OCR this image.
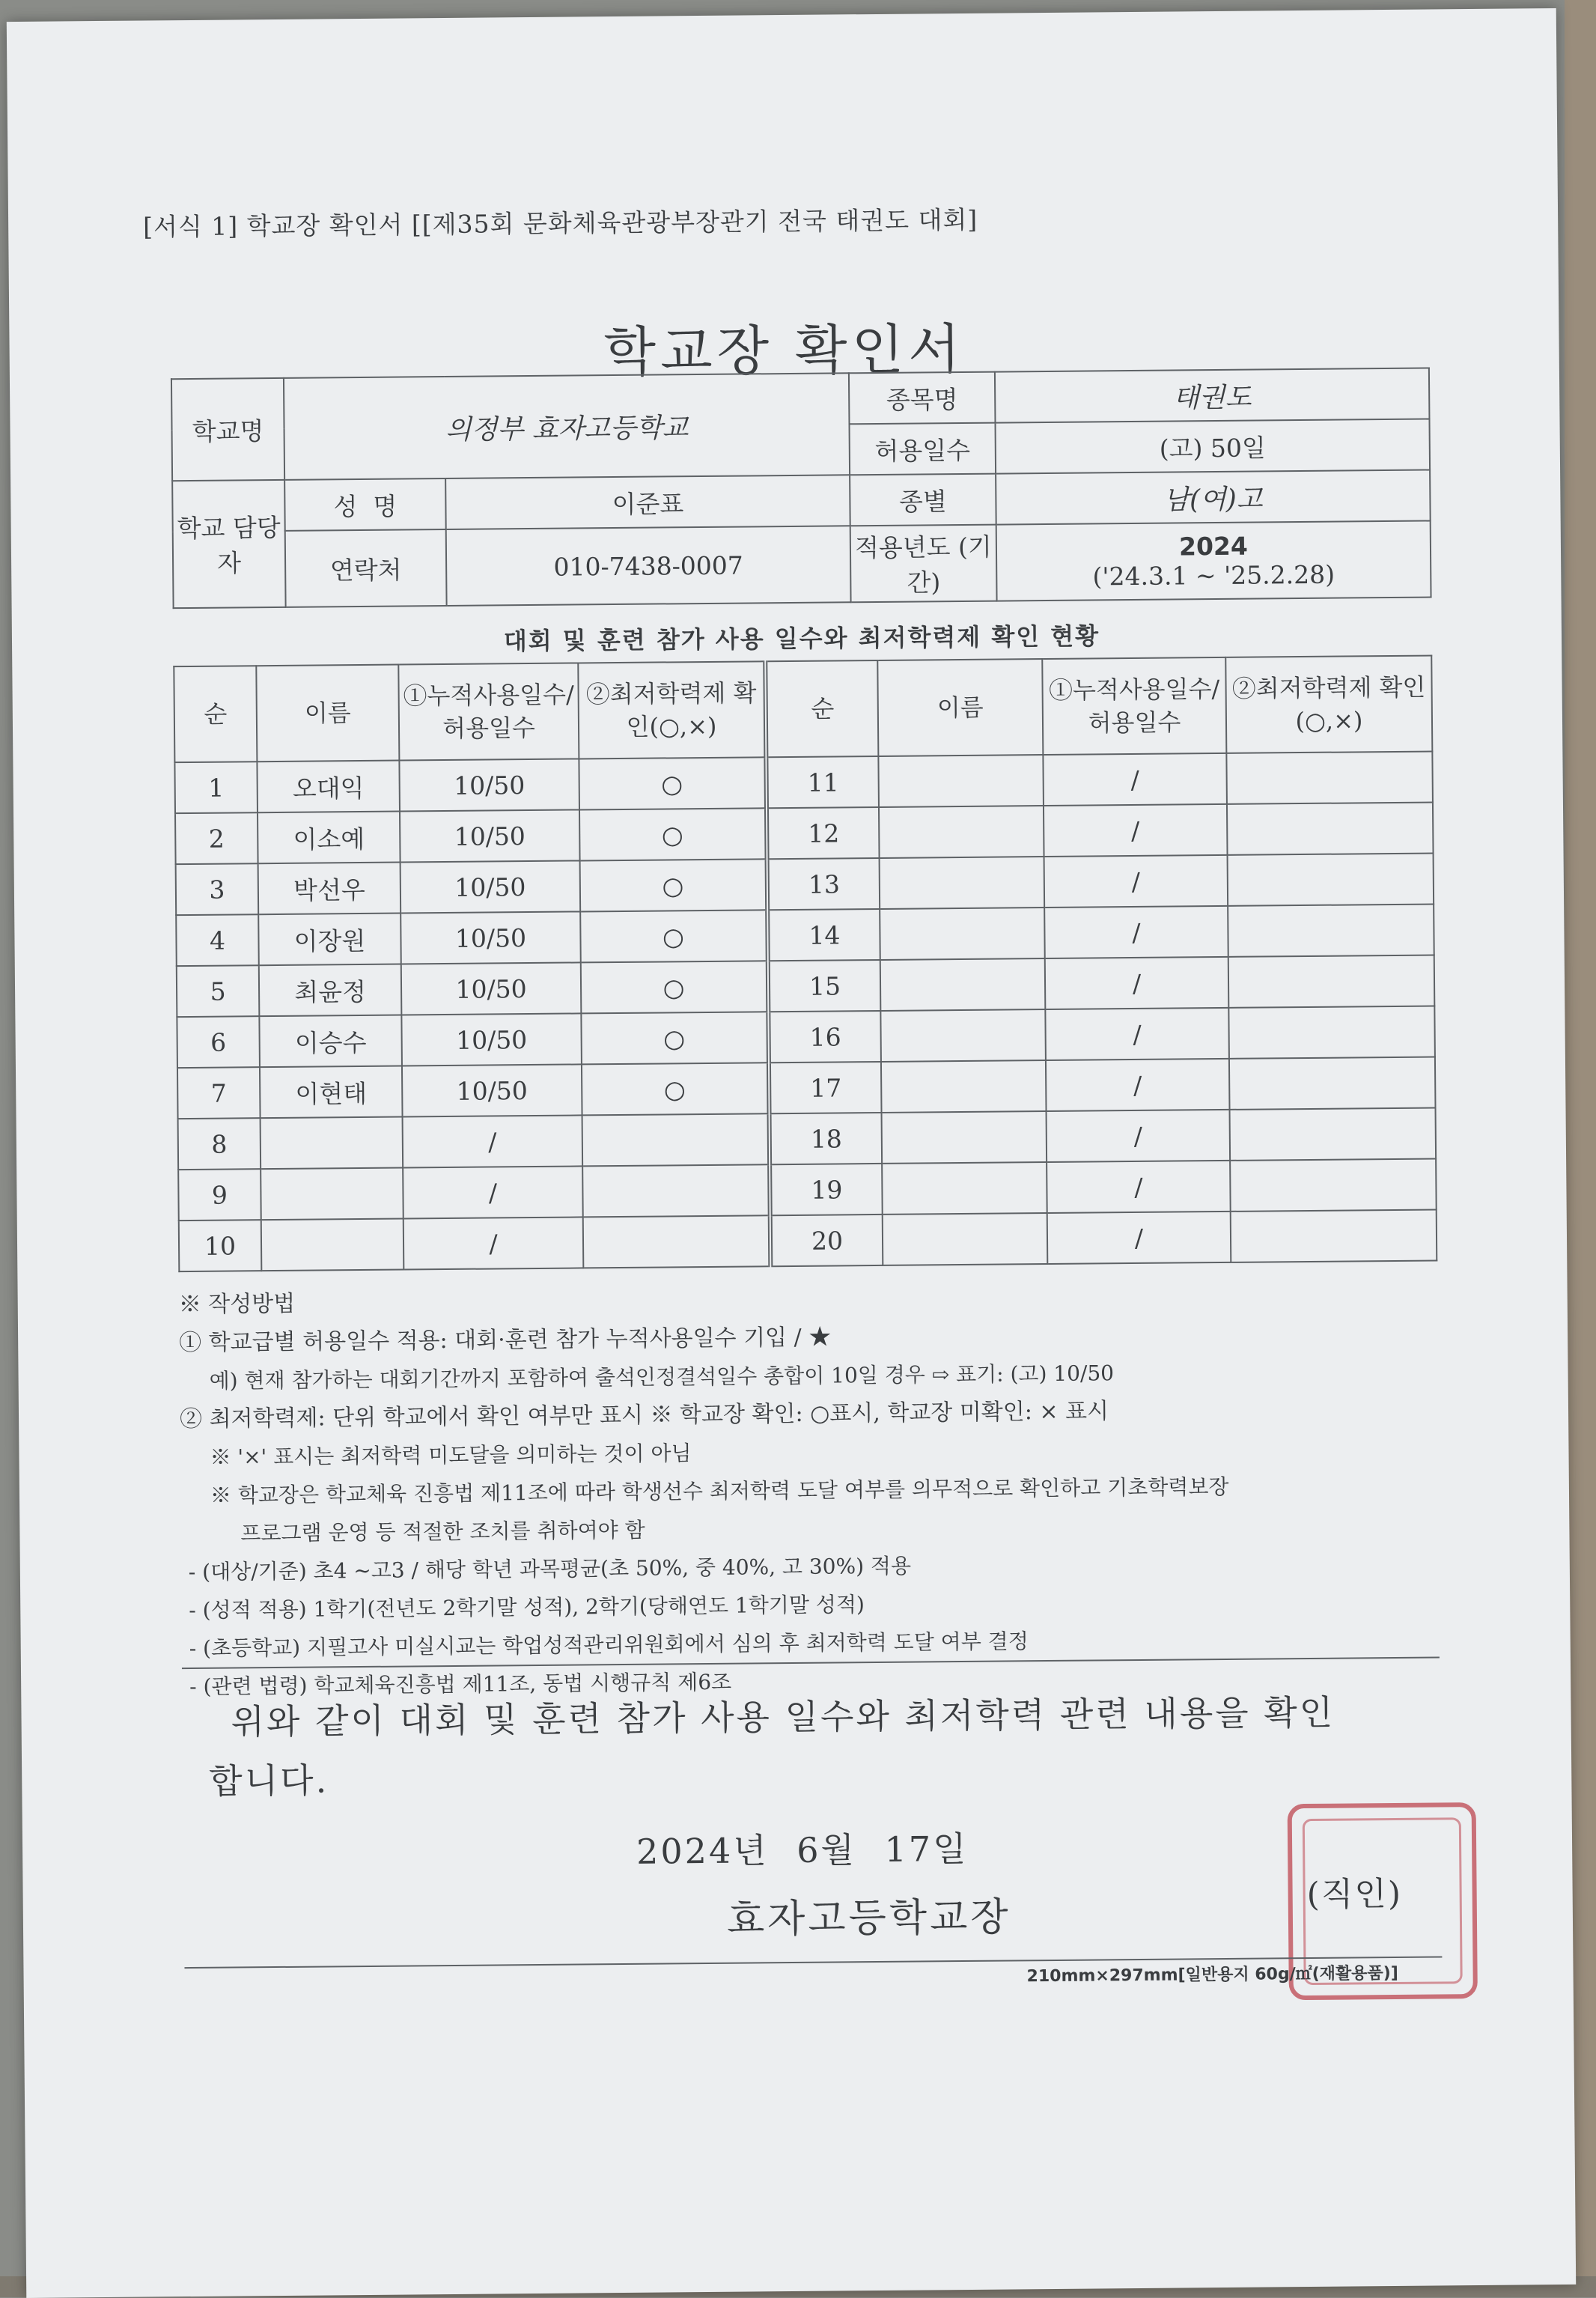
[서식 1] 학교장 확인서 [[제35회 문화체육관광부장관기 전국 태권도 대회]
학교장 확인서
학교명	의정부 효자고등학교		종목명	태권도
			허용일수	(고) 50일
학교 담당자	성  명	이준표	종별	남(여)고
	연락처	010-7438-0007	적용년도 (기간)	2024
('24.3.1 ~ '25.2.28)
대회 및 훈련 참가 사용 일수와 최저학력제 확인 현황
순	이름	①누적사용일수/ 허용일수	②최저학력제 확인(○,×)	순	이름	①누적사용일수/ 허용일수	②최저학력제 확인(○,×)
1	오대익	10/50	○	11		/	
2	이소예	10/50	○	12		/	
3	박선우	10/50	○	13		/	
4	이장원	10/50	○	14		/	
5	최윤정	10/50	○	15		/	
6	이승수	10/50	○	16		/	
7	이현태	10/50	○	17		/	
8		/		18		/	
9		/		19		/	
10		/		20		/	
※ 작성방법
① 학교급별 허용일수 적용: 대회·훈련 참가 누적사용일수 기입 / ★
예) 현재 참가하는 대회기간까지 포함하여 출석인정결석일수 총합이 10일 경우 ⇨ 표기: (고) 10/50
② 최저학력제: 단위 학교에서 확인 여부만 표시 ※ 학교장 확인: ○표시, 학교장 미확인: × 표시
※ '×' 표시는 최저학력 미도달을 의미하는 것이 아님
※ 학교장은 학교체육 진흥법 제11조에 따라 학생선수 최저학력 도달 여부를 의무적으로 확인하고 기초학력보장
프로그램 운영 등 적절한 조치를 취하여야 함
- (대상/기준) 초4 ~고3 / 해당 학년 과목평균(초 50%, 중 40%, 고 30%) 적용
- (성적 적용) 1학기(전년도 2학기말 성적), 2학기(당해연도 1학기말 성적)
- (초등학교) 지필고사 미실시교는 학업성적관리위원회에서 심의 후 최저학력 도달 여부 결정
- (관련 법령) 학교체육진흥법 제11조, 동법 시행규칙 제6조
위와 같이 대회 및 훈련 참가 사용 일수와 최저학력 관련 내용을 확인
합니다.
2024년 6월 17일
효자고등학교장
(직인)
210mm×297mm[일반용지 60g/㎡(재활용품)]
